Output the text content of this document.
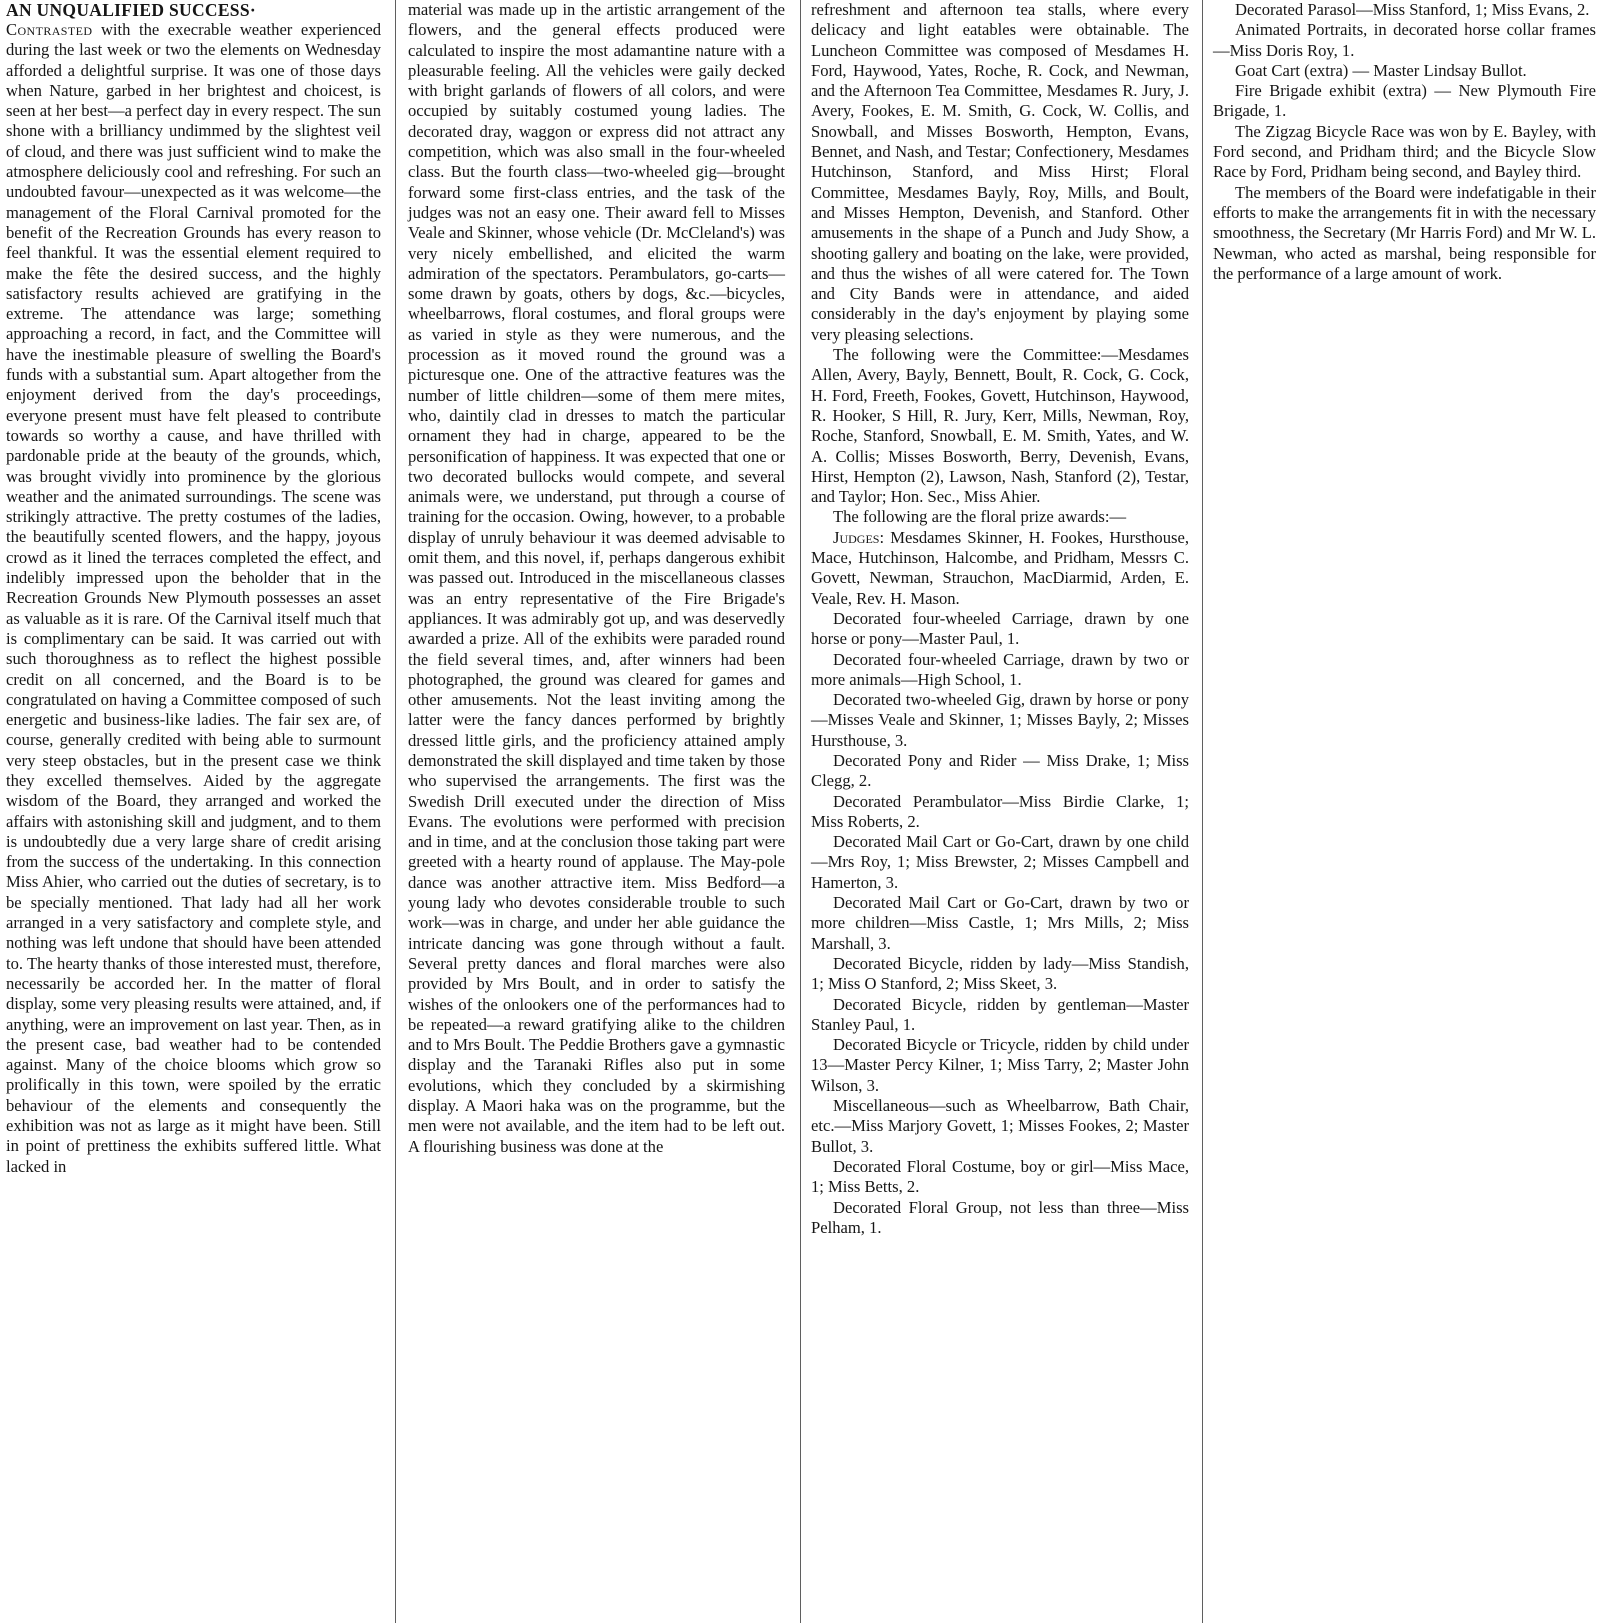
AN UNQUALIFIED SUCCESS·

Contrasted with the execrable weather experienced during the last week or two the elements on Wednesday afforded a delightful surprise. It was one of those days when Nature, garbed in her brightest and choicest, is seen at her best—a perfect day in every respect. The sun shone with a brilliancy undimmed by the slightest veil of cloud, and there was just sufficient wind to make the atmosphere deliciously cool and refreshing. For such an undoubted favour—unexpected as it was welcome—the management of the Floral Carnival promoted for the benefit of the Recreation Grounds has every reason to feel thankful. It was the essential element required to make the fête the desired success, and the highly satisfactory results achieved are gratifying in the extreme. The attendance was large; something approaching a record, in fact, and the Committee will have the inestimable pleasure of swelling the Board's funds with a substantial sum. Apart altogether from the enjoyment derived from the day's proceedings, everyone present must have felt pleased to contribute towards so worthy a cause, and have thrilled with pardonable pride at the beauty of the grounds, which, was brought vividly into prominence by the glorious weather and the animated surroundings. The scene was strikingly attractive. The pretty costumes of the ladies, the beautifully scented flowers, and the happy, joyous crowd as it lined the terraces completed the effect, and indelibly impressed upon the beholder that in the Recreation Grounds New Plymouth possesses an asset as valuable as it is rare. Of the Carnival itself much that is complimentary can be said. It was carried out with such thoroughness as to reflect the highest possible credit on all concerned, and the Board is to be congratulated on having a Committee composed of such energetic and business-like ladies. The fair sex are, of course, generally credited with being able to surmount very steep obstacles, but in the present case we think they excelled themselves. Aided by the aggregate wisdom of the Board, they arranged and worked the affairs with astonishing skill and judgment, and to them is undoubtedly due a very large share of credit arising from the success of the undertaking. In this connection Miss Ahier, who carried out the duties of secretary, is to be specially mentioned. That lady had all her work arranged in a very satisfactory and complete style, and nothing was left undone that should have been attended to. The hearty thanks of those interested must, therefore, necessarily be accorded her. In the matter of floral display, some very pleasing results were attained, and, if anything, were an improvement on last year. Then, as in the present case, bad weather had to be contended against. Many of the choice blooms which grow so prolifically in this town, were spoiled by the erratic behaviour of the elements and consequently the exhibition was not as large as it might have been. Still in point of prettiness the exhibits suffered little. What lacked in

material was made up in the artistic arrangement of the flowers, and the general effects produced were calculated to inspire the most adamantine nature with a pleasurable feeling. All the vehicles were gaily decked with bright garlands of flowers of all colors, and were occupied by suitably costumed young ladies. The decorated dray, waggon or express did not attract any competition, which was also small in the four-wheeled class. But the fourth class—two-wheeled gig—brought forward some first-class entries, and the task of the judges was not an easy one. Their award fell to Misses Veale and Skinner, whose vehicle (Dr. McCleland's) was very nicely embellished, and elicited the warm admiration of the spectators. Perambulators, go-carts—some drawn by goats, others by dogs, &c.—bicycles, wheelbarrows, floral costumes, and floral groups were as varied in style as they were numerous, and the procession as it moved round the ground was a picturesque one. One of the attractive features was the number of little children—some of them mere mites, who, daintily clad in dresses to match the particular ornament they had in charge, appeared to be the personification of happiness. It was expected that one or two decorated bullocks would compete, and several animals were, we understand, put through a course of training for the occasion. Owing, however, to a probable display of unruly behaviour it was deemed advisable to omit them, and this novel, if, perhaps dangerous exhibit was passed out. Introduced in the miscellaneous classes was an entry representative of the Fire Brigade's appliances. It was admirably got up, and was deservedly awarded a prize. All of the exhibits were paraded round the field several times, and, after winners had been photographed, the ground was cleared for games and other amusements. Not the least inviting among the latter were the fancy dances performed by brightly dressed little girls, and the proficiency attained amply demonstrated the skill displayed and time taken by those who supervised the arrangements. The first was the Swedish Drill executed under the direction of Miss Evans. The evolutions were performed with precision and in time, and at the conclusion those taking part were greeted with a hearty round of applause. The May-pole dance was another attractive item. Miss Bedford—a young lady who devotes considerable trouble to such work—was in charge, and under her able guidance the intricate dancing was gone through without a fault. Several pretty dances and floral marches were also provided by Mrs Boult, and in order to satisfy the wishes of the onlookers one of the performances had to be repeated—a reward gratifying alike to the children and to Mrs Boult. The Peddie Brothers gave a gymnastic display and the Taranaki Rifles also put in some evolutions, which they concluded by a skirmishing display. A Maori haka was on the programme, but the men were not available, and the item had to be left out. A flourishing business was done at the

refreshment and afternoon tea stalls, where every delicacy and light eatables were obtainable. The Luncheon Committee was composed of Mesdames H. Ford, Haywood, Yates, Roche, R. Cock, and Newman, and the Afternoon Tea Committee, Mesdames R. Jury, J. Avery, Fookes, E. M. Smith, G. Cock, W. Collis, and Snowball, and Misses Bosworth, Hempton, Evans, Bennet, and Nash, and Testar; Confectionery, Mesdames Hutchinson, Stanford, and Miss Hirst; Floral Committee, Mesdames Bayly, Roy, Mills, and Boult, and Misses Hempton, Devenish, and Stanford. Other amusements in the shape of a Punch and Judy Show, a shooting gallery and boating on the lake, were provided, and thus the wishes of all were catered for. The Town and City Bands were in attendance, and aided considerably in the day's enjoyment by playing some very pleasing selections.

The following were the Committee:—Mesdames Allen, Avery, Bayly, Bennett, Boult, R. Cock, G. Cock, H. Ford, Freeth, Fookes, Govett, Hutchinson, Haywood, R. Hooker, S Hill, R. Jury, Kerr, Mills, Newman, Roy, Roche, Stanford, Snowball, E. M. Smith, Yates, and W. A. Collis; Misses Bosworth, Berry, Devenish, Evans, Hirst, Hempton (2), Lawson, Nash, Stanford (2), Testar, and Taylor; Hon. Sec., Miss Ahier.

The following are the floral prize awards:—

Judges: Mesdames Skinner, H. Fookes, Hursthouse, Mace, Hutchinson, Halcombe, and Pridham, Messrs C. Govett, Newman, Strauchon, MacDiarmid, Arden, E. Veale, Rev. H. Mason.

Decorated four-wheeled Carriage, drawn by one horse or pony—Master Paul, 1.

Decorated four-wheeled Carriage, drawn by two or more animals—High School, 1.

Decorated two-wheeled Gig, drawn by horse or pony—Misses Veale and Skinner, 1; Misses Bayly, 2; Misses Hursthouse, 3.

Decorated Pony and Rider — Miss Drake, 1; Miss Clegg, 2.

Decorated Perambulator—Miss Birdie Clarke, 1; Miss Roberts, 2.

Decorated Mail Cart or Go-Cart, drawn by one child—Mrs Roy, 1; Miss Brewster, 2; Misses Campbell and Hamerton, 3.

Decorated Mail Cart or Go-Cart, drawn by two or more children—Miss Castle, 1; Mrs Mills, 2; Miss Marshall, 3.

Decorated Bicycle, ridden by lady—Miss Standish, 1; Miss O Stanford, 2; Miss Skeet, 3.

Decorated Bicycle, ridden by gentleman—Master Stanley Paul, 1.

Decorated Bicycle or Tricycle, ridden by child under 13—Master Percy Kilner, 1; Miss Tarry, 2; Master John Wilson, 3.

Miscellaneous—such as Wheelbarrow, Bath Chair, etc.—Miss Marjory Govett, 1; Misses Fookes, 2; Master Bullot, 3.

Decorated Floral Costume, boy or girl—Miss Mace, 1; Miss Betts, 2.

Decorated Floral Group, not less than three—Miss Pelham, 1.

Decorated Parasol—Miss Stanford, 1; Miss Evans, 2.

Animated Portraits, in decorated horse collar frames—Miss Doris Roy, 1.

Goat Cart (extra) — Master Lindsay Bullot.

Fire Brigade exhibit (extra) — New Plymouth Fire Brigade, 1.

The Zigzag Bicycle Race was won by E. Bayley, with Ford second, and Pridham third; and the Bicycle Slow Race by Ford, Pridham being second, and Bayley third.

The members of the Board were indefatigable in their efforts to make the arrangements fit in with the necessary smoothness, the Secretary (Mr Harris Ford) and Mr W. L. Newman, who acted as marshal, being responsible for the performance of a large amount of work.
